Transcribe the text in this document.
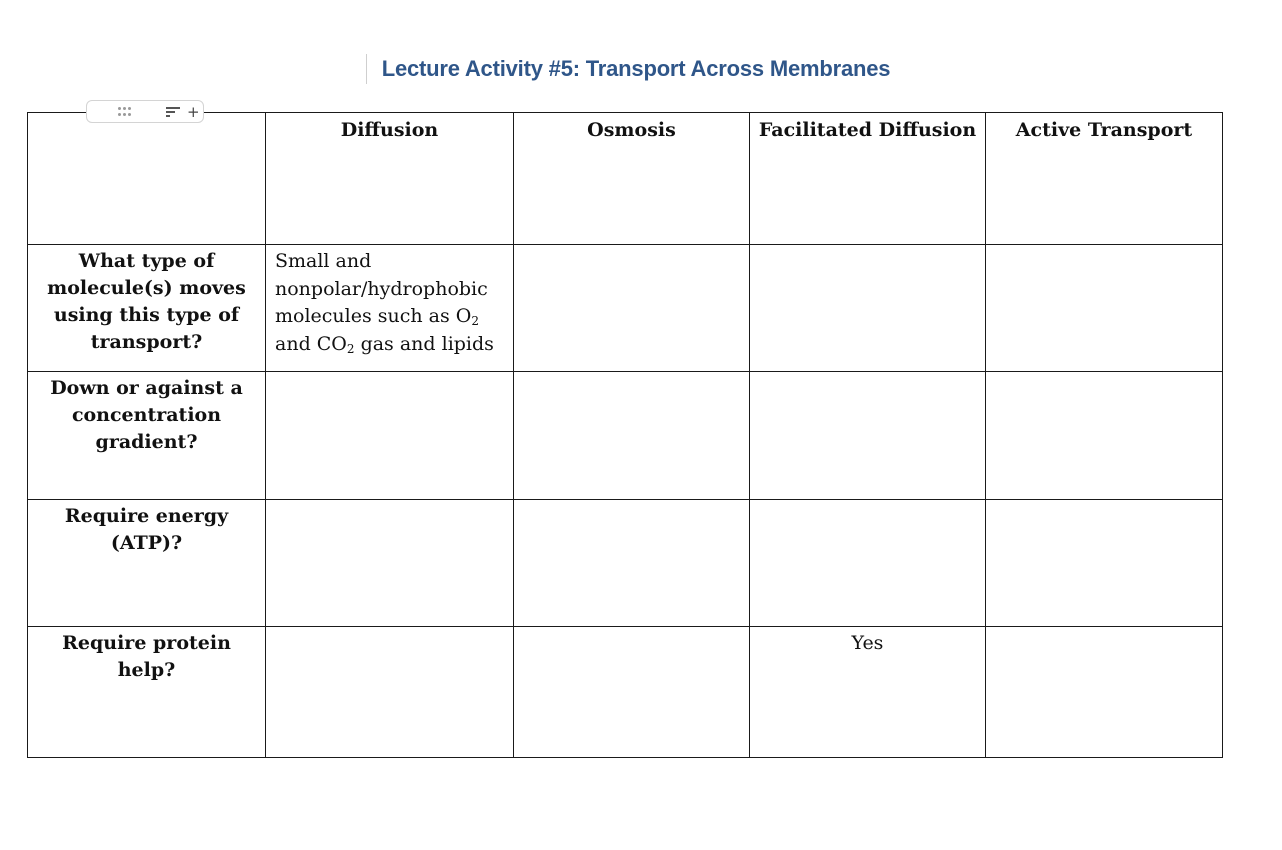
Lecture Activity #5: Transport Across Membranes
+
	Diffusion	Osmosis	Facilitated Diffusion	Active Transport
What type of molecule(s) moves using this type of transport?	Small and nonpolar/hydrophobic molecules such as $O_2$ and $CO_2$ gas and lipids			
Down or against a concentration gradient?				
Require energy (ATP)?				
Require protein help?			Yes	
